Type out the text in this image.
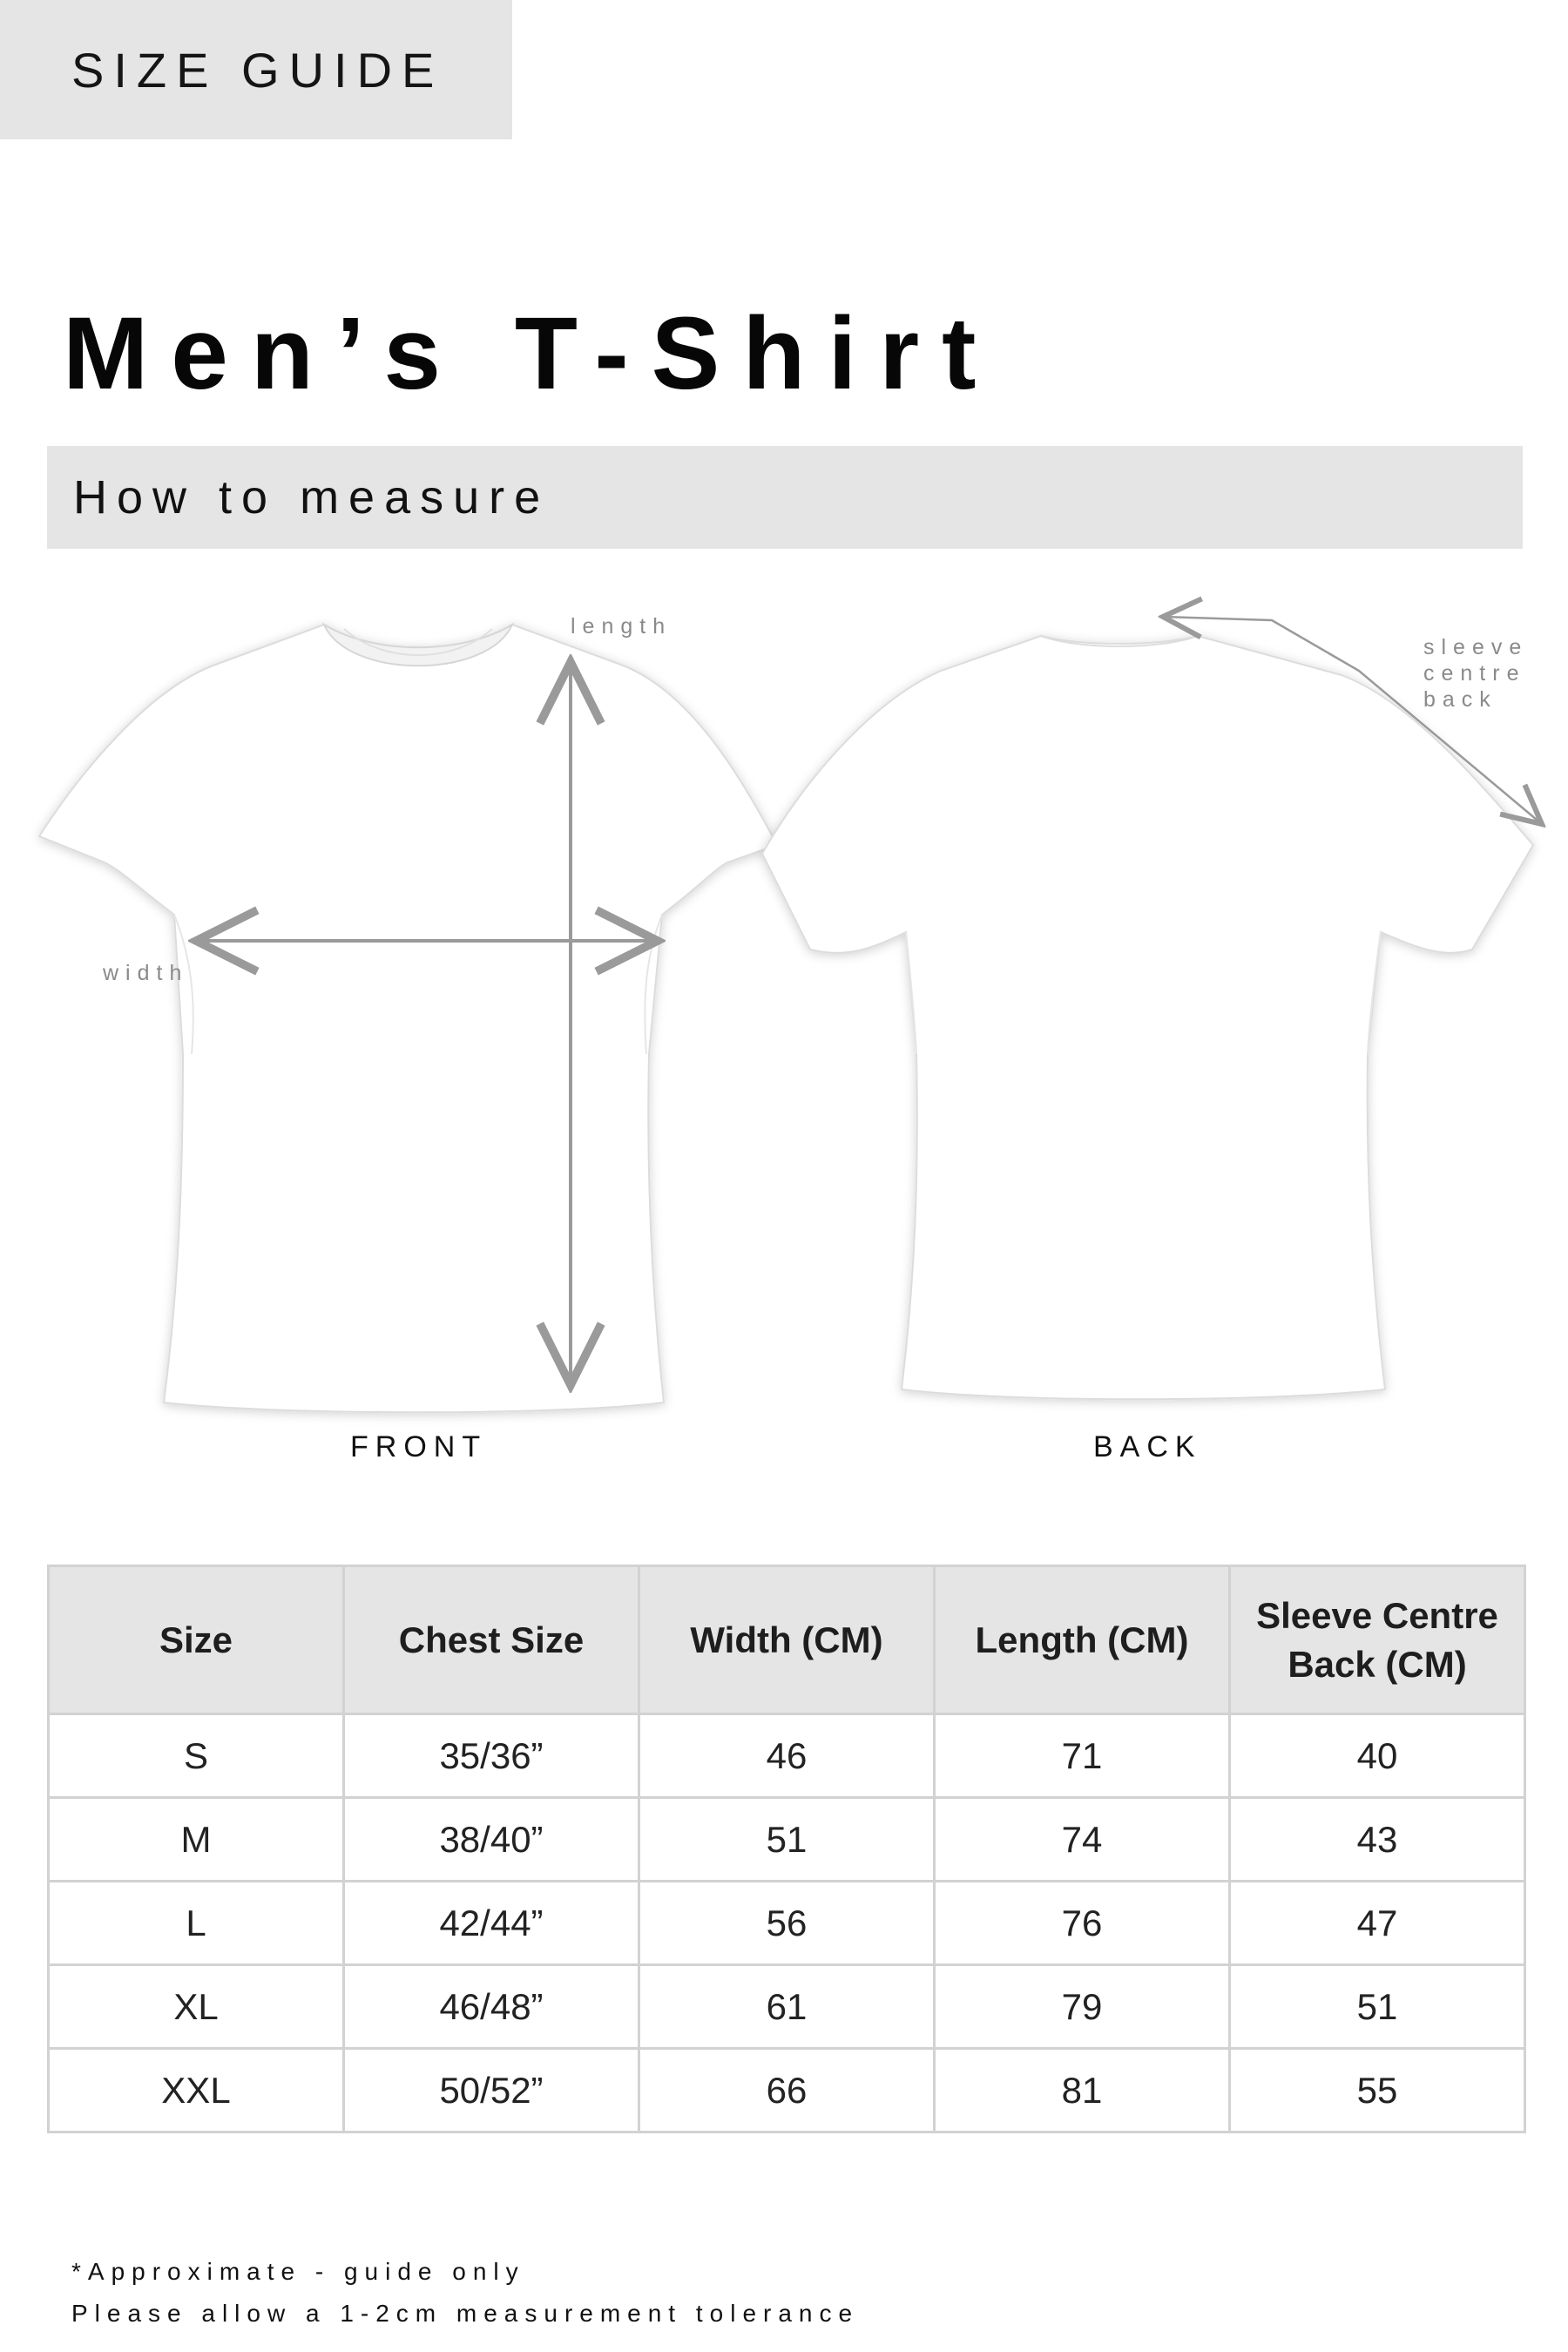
SIZE GUIDE
Men’s T-Shirt
How to measure
length
width
sleeve
centre
back
FRONT	BACK
Size	Chest Size	Width (CM)	Length (CM)	Sleeve Centre Back (CM)
S	35/36”	46	71	40
M	38/40”	51	74	43
L	42/44”	56	76	47
XL	46/48”	61	79	51
XXL	50/52”	66	81	55
*Approximate - guide only
Please allow a 1-2cm measurement tolerance
